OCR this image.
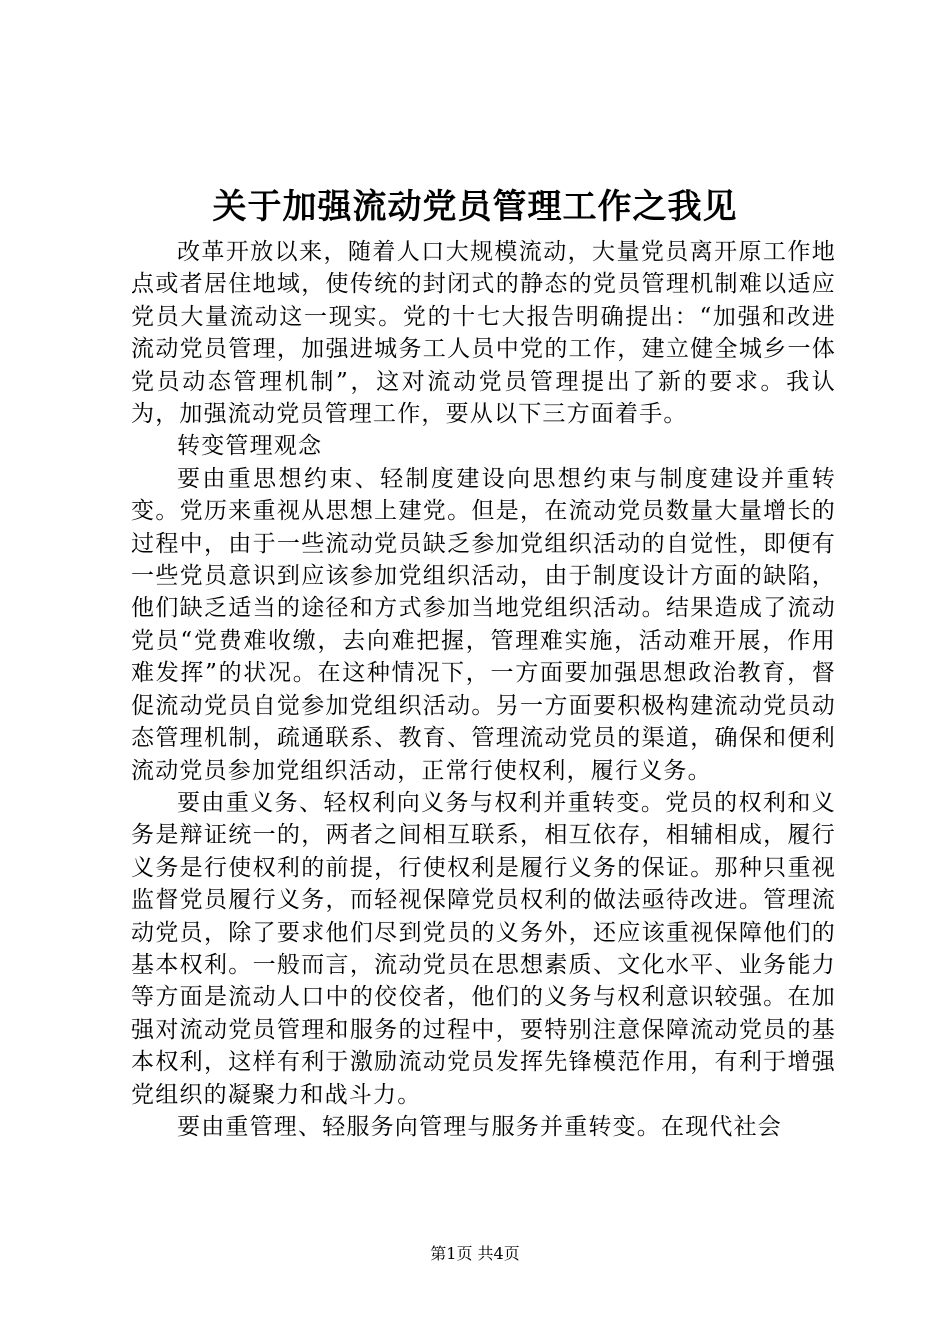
关于加强流动党员管理工作之我见

改革开放以来，随着人口大规模流动，大量党员离开原工作地点或者居住地域，使传统的封闭式的静态的党员管理机制难以适应党员大量流动这一现实。党的十七大报告明确提出：“加强和改进流动党员管理，加强进城务工人员中党的工作，建立健全城乡一体党员动态管理机制”，这对流动党员管理提出了新的要求。我认为，加强流动党员管理工作，要从以下三方面着手。

转变管理观念

要由重思想约束、轻制度建设向思想约束与制度建设并重转变。党历来重视从思想上建党。但是，在流动党员数量大量增长的过程中，由于一些流动党员缺乏参加党组织活动的自觉性，即便有一些党员意识到应该参加党组织活动，由于制度设计方面的缺陷，他们缺乏适当的途径和方式参加当地党组织活动。结果造成了流动党员“党费难收缴，去向难把握，管理难实施，活动难开展，作用难发挥”的状况。在这种情况下，一方面要加强思想政治教育，督促流动党员自觉参加党组织活动。另一方面要积极构建流动党员动态管理机制，疏通联系、教育、管理流动党员的渠道，确保和便利流动党员参加党组织活动，正常行使权利，履行义务。

要由重义务、轻权利向义务与权利并重转变。党员的权利和义务是辩证统一的，两者之间相互联系，相互依存，相辅相成，履行义务是行使权利的前提，行使权利是履行义务的保证。那种只重视监督党员履行义务，而轻视保障党员权利的做法亟待改进。管理流动党员，除了要求他们尽到党员的义务外，还应该重视保障他们的基本权利。一般而言，流动党员在思想素质、文化水平、业务能力等方面是流动人口中的佼佼者，他们的义务与权利意识较强。在加强对流动党员管理和服务的过程中，要特别注意保障流动党员的基本权利，这样有利于激励流动党员发挥先锋模范作用，有利于增强党组织的凝聚力和战斗力。

要由重管理、轻服务向管理与服务并重转变。在现代社会

第1页 共4页
